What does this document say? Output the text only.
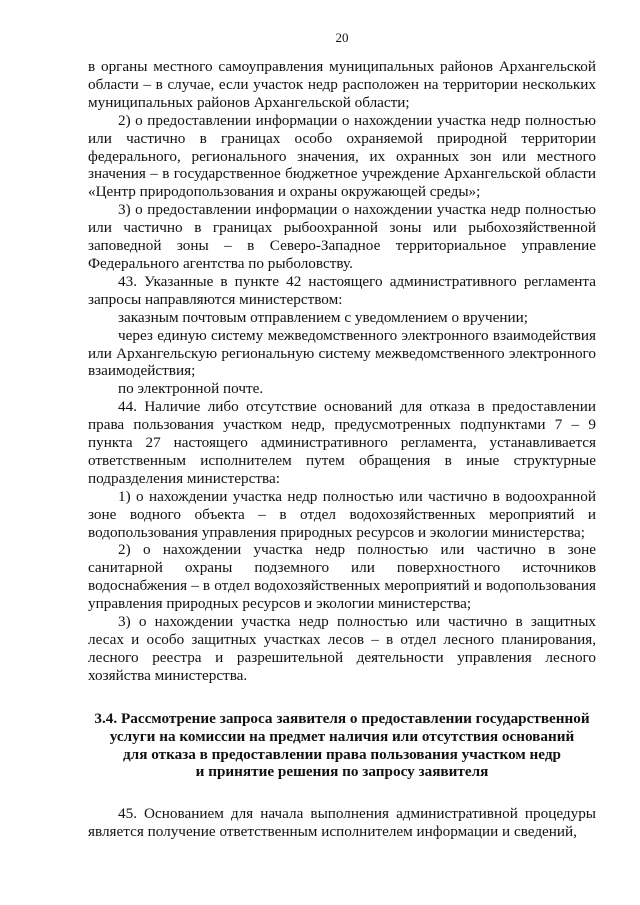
20

в органы местного самоуправления муниципальных районов Архангельской области – в случае, если участок недр расположен на территории нескольких муниципальных районов Архангельской области;

2) о предоставлении информации о нахождении участка недр полностью или частично в границах особо охраняемой природной территории федерального, регионального значения, их охранных зон или местного значения – в государственное бюджетное учреждение Архангельской области «Центр природопользования и охраны окружающей среды»;

3) о предоставлении информации о нахождении участка недр полностью или частично в границах рыбоохранной зоны или рыбохозяйственной заповедной зоны – в Северо-Западное территориальное управление Федерального агентства по рыболовству.

43. Указанные в пункте 42 настоящего административного регламента запросы направляются министерством:

заказным почтовым отправлением с уведомлением о вручении;

через единую систему межведомственного электронного взаимодействия или Архангельскую региональную систему межведомственного электронного взаимодействия;

по электронной почте.

44. Наличие либо отсутствие оснований для отказа в предоставлении права пользования участком недр, предусмотренных подпунктами 7 – 9 пункта 27 настоящего административного регламента, устанавливается ответственным исполнителем путем обращения в иные структурные подразделения министерства:

1) о нахождении участка недр полностью или частично в водоохранной зоне водного объекта – в отдел водохозяйственных мероприятий и водопользования управления природных ресурсов и экологии министерства;

2) о нахождении участка недр полностью или частично в зоне санитарной охраны подземного или поверхностного источников водоснабжения – в отдел водохозяйственных мероприятий и водопользования управления природных ресурсов и экологии министерства;

3) о нахождении участка недр полностью или частично в защитных лесах и особо защитных участках лесов – в отдел лесного планирования, лесного реестра и разрешительной деятельности управления лесного хозяйства министерства.

3.4. Рассмотрение запроса заявителя о предоставлении государственной
услуги на комиссии на предмет наличия или отсутствия оснований
для отказа в предоставлении права пользования участком недр
и принятие решения по запросу заявителя

45. Основанием для начала выполнения административной процедуры является получение ответственным исполнителем информации и сведений,
